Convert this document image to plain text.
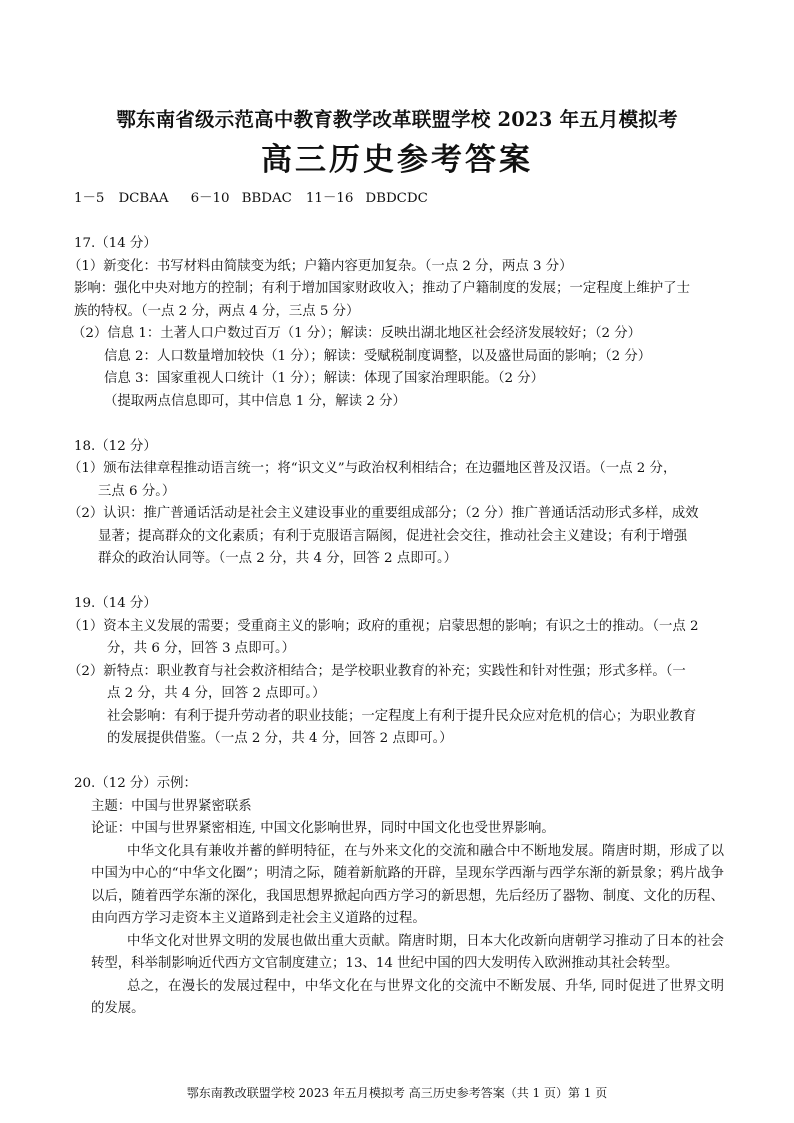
鄂东南省级示范高中教育教学改革联盟学校 2023 年五月模拟考
高三历史参考答案
1－5 DCBAA 6－10 BBDAC 11－16 DBDCDC
17.（14 分）
（1）新变化：书写材料由简牍变为纸；户籍内容更加复杂。（一点 2 分，两点 3 分）
影响：强化中央对地方的控制；有利于增加国家财政收入；推动了户籍制度的发展；一定程度上维护了士
族的特权。（一点 2 分，两点 4 分，三点 5 分）
（2）信息 1：土著人口户数过百万（1 分）；解读：反映出湖北地区社会经济发展较好；（2 分）
信息 2：人口数量增加较快（1 分）；解读：受赋税制度调整，以及盛世局面的影响；（2 分）
信息 3：国家重视人口统计（1 分）；解读：体现了国家治理职能。（2 分）
（提取两点信息即可，其中信息 1 分，解读 2 分）
18.（12 分）
（1）颁布法律章程推动语言统一；将“识文义”与政治权利相结合；在边疆地区普及汉语。（一点 2 分，
三点 6 分。）
（2）认识：推广普通话活动是社会主义建设事业的重要组成部分；（2 分）推广普通话活动形式多样，成效
显著；提高群众的文化素质；有利于克服语言隔阂，促进社会交往，推动社会主义建设；有利于增强
群众的政治认同等。（一点 2 分，共 4 分，回答 2 点即可。）
19.（14 分）
（1）资本主义发展的需要；受重商主义的影响；政府的重视；启蒙思想的影响；有识之士的推动。（一点 2
分，共 6 分，回答 3 点即可。）
（2）新特点：职业教育与社会救济相结合；是学校职业教育的补充；实践性和针对性强；形式多样。（一
点 2 分，共 4 分，回答 2 点即可。）
社会影响：有利于提升劳动者的职业技能；一定程度上有利于提升民众应对危机的信心；为职业教育
的发展提供借鉴。（一点 2 分，共 4 分，回答 2 点即可。）
20.（12 分）示例：
主题：中国与世界紧密联系
论证：中国与世界紧密相连, 中国文化影响世界，同时中国文化也受世界影响。
中华文化具有兼收并蓄的鲜明特征，在与外来文化的交流和融合中不断地发展。隋唐时期，形成了以中国为中心的“中华文化圈”；明清之际，随着新航路的开辟，呈现东学西渐与西学东渐的新景象；鸦片战争以后，随着西学东渐的深化，我国思想界掀起向西方学习的新思想，先后经历了器物、制度、文化的历程、由向西方学习走资本主义道路到走社会主义道路的过程。
中华文化对世界文明的发展也做出重大贡献。隋唐时期，日本大化改新向唐朝学习推动了日本的社会转型，科举制影响近代西方文官制度建立；13、14 世纪中国的四大发明传入欧洲推动其社会转型。
总之，在漫长的发展过程中，中华文化在与世界文化的交流中不断发展、升华, 同时促进了世界文明的发展。
鄂东南教改联盟学校 2023 年五月模拟考 高三历史参考答案（共 1 页）第 1 页
